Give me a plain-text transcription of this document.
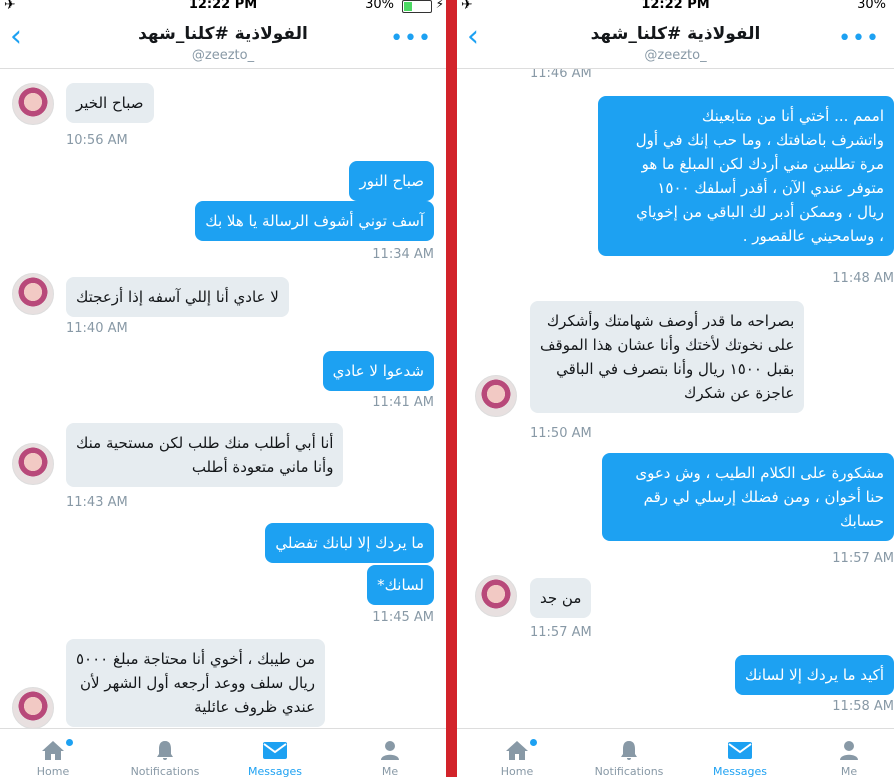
✈	12:22 PM	30%	⚡
‹	الفولاذية #كلنا_شهد
@zeezto_
•••
صباح الخير
10:56 AM
صباح النور
آسف توني أشوف الرسالة يا هلا بك
11:34 AM
لا عادي أنا إللي آسفه إذا أزعجتك
11:40 AM
شدعوا لا عادي
11:41 AM
أنا أبي أطلب منك طلب لكن مستحية منك
وأنا ماني متعودة أطلب
11:43 AM
ما يردك إلا لبانك تفضلي
لسانك*
11:45 AM
من طيبك ، أخوي أنا محتاجة مبلغ ٥٠٠٠
ريال سلف ووعد أرجعه أول الشهر لأن
عندي ظروف عائلية
Home	Notifications	Messages	Me
✈	12:22 PM	30%
‹	الفولاذية #كلنا_شهد
@zeezto_
•••
11:46 AM
اممم ... أختي أنا من متابعينك
واتشرف باضافتك ، وما حب إنك في أول
مرة تطلبين مني أردك لكن المبلغ ما هو
متوفر عندي الآن ، أقدر أسلفك ١٥٠٠
ريال ، وممكن أدبر لك الباقي من إخوياي
، وسامحيني عالقصور .
11:48 AM
بصراحه ما قدر أوصف شهامتك وأشكرك
على نخوتك لأختك وأنا عشان هذا الموقف
بقبل ١٥٠٠ ريال وأنا بتصرف في الباقي
عاجزة عن شكرك
11:50 AM
مشكورة على الكلام الطيب ، وش دعوى
حنا أخوان ، ومن فضلك إرسلي لي رقم
حسابك
11:57 AM
من جد
11:57 AM
أكيد ما يردك إلا لسانك
11:58 AM
Home	Notifications	Messages	Me
